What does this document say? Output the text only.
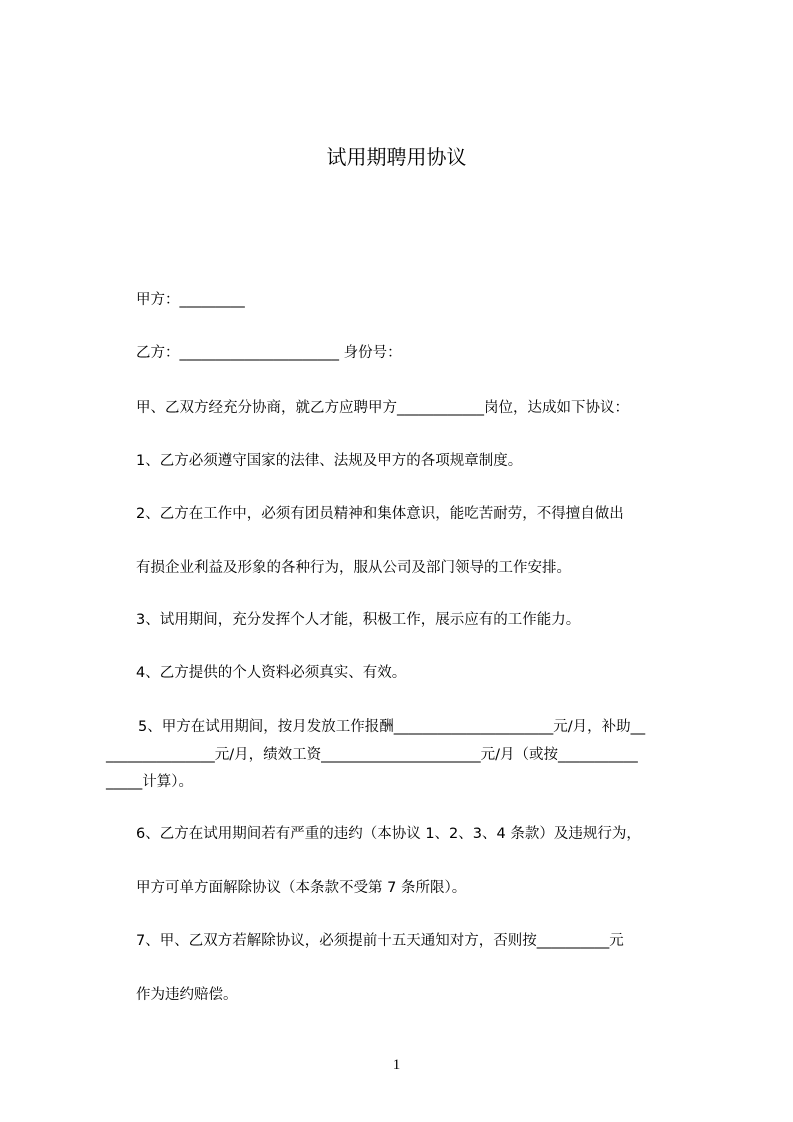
试用期聘用协议
甲方：_________
乙方：______________________ 身份号：
甲、乙双方经充分协商，就乙方应聘甲方____________岗位，达成如下协议：
1、乙方必须遵守国家的法律、法规及甲方的各项规章制度。
2、乙方在工作中，必须有团员精神和集体意识，能吃苦耐劳，不得擅自做出
有损企业利益及形象的各种行为，服从公司及部门领导的工作安排。
3、试用期间，充分发挥个人才能，积极工作，展示应有的工作能力。
4、乙方提供的个人资料必须真实、有效。
5、甲方在试用期间，按月发放工作报酬______________________元/月，补助__
_______________元/月，绩效工资______________________元/月（或按___________
_____计算）。
6、乙方在试用期间若有严重的违约（本协议 1、2、3、4 条款）及违规行为，
甲方可单方面解除协议（本条款不受第 7 条所限）。
7、甲、乙双方若解除协议，必须提前十五天通知对方，否则按__________元
作为违约赔偿。
1
